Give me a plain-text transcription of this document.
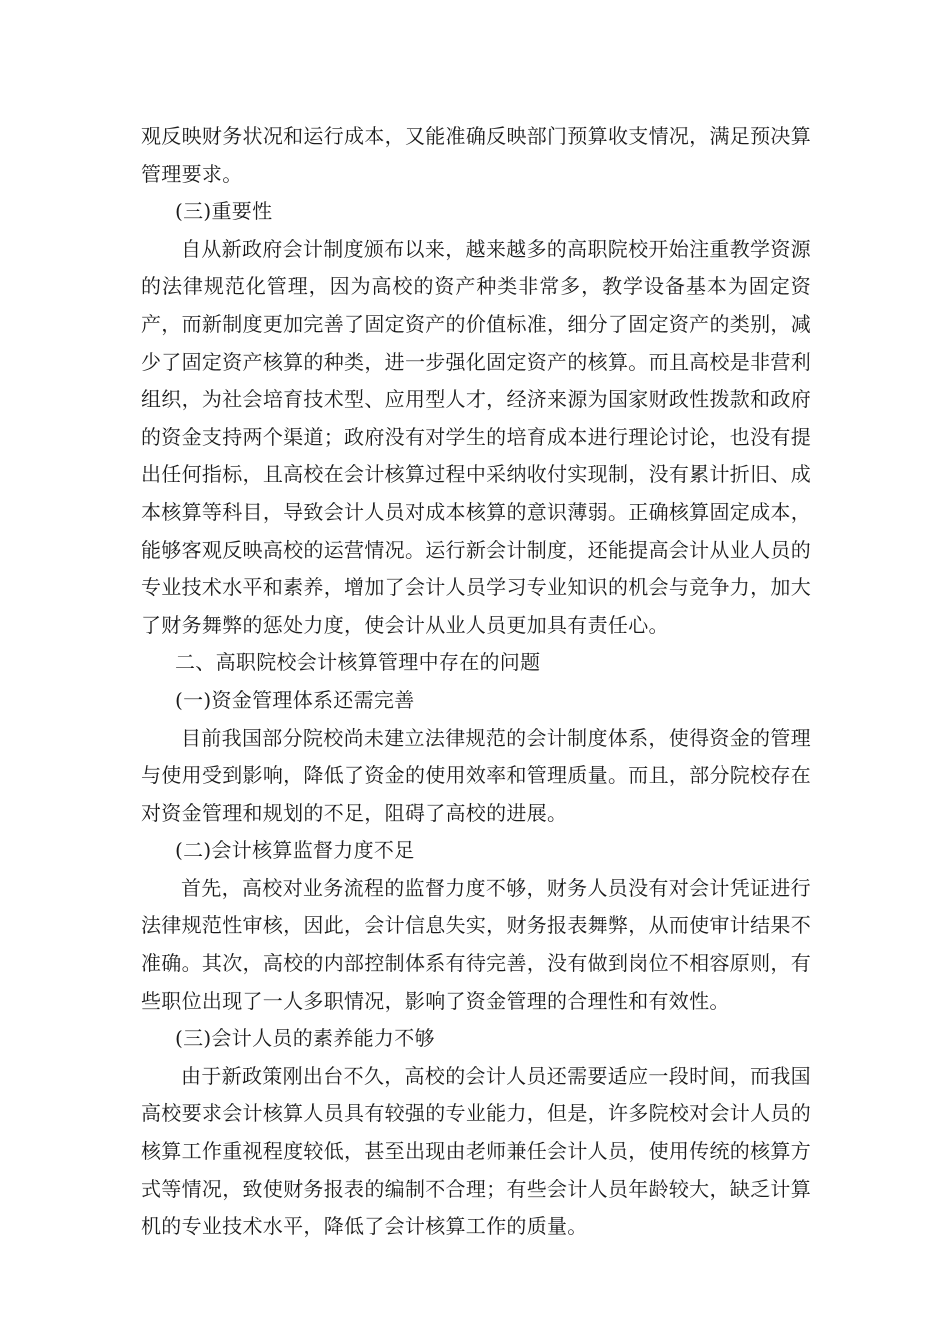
观反映财务状况和运行成本，又能准确反映部门预算收支情况，满足预决算管理要求。

(三)重要性

自从新政府会计制度颁布以来，越来越多的高职院校开始注重教学资源的法律规范化管理，因为高校的资产种类非常多，教学设备基本为固定资产，而新制度更加完善了固定资产的价值标准，细分了固定资产的类别，减少了固定资产核算的种类，进一步强化固定资产的核算。而且高校是非营利组织，为社会培育技术型、应用型人才，经济来源为国家财政性拨款和政府的资金支持两个渠道；政府没有对学生的培育成本进行理论讨论，也没有提出任何指标，且高校在会计核算过程中采纳收付实现制，没有累计折旧、成本核算等科目，导致会计人员对成本核算的意识薄弱。正确核算固定成本，能够客观反映高校的运营情况。运行新会计制度，还能提高会计从业人员的专业技术水平和素养，增加了会计人员学习专业知识的机会与竞争力，加大了财务舞弊的惩处力度，使会计从业人员更加具有责任心。

二、高职院校会计核算管理中存在的问题

(一)资金管理体系还需完善

目前我国部分院校尚未建立法律规范的会计制度体系，使得资金的管理与使用受到影响，降低了资金的使用效率和管理质量。而且，部分院校存在对资金管理和规划的不足，阻碍了高校的进展。

(二)会计核算监督力度不足

首先，高校对业务流程的监督力度不够，财务人员没有对会计凭证进行法律规范性审核，因此，会计信息失实，财务报表舞弊，从而使审计结果不准确。其次，高校的内部控制体系有待完善，没有做到岗位不相容原则，有些职位出现了一人多职情况，影响了资金管理的合理性和有效性。

(三)会计人员的素养能力不够

由于新政策刚出台不久，高校的会计人员还需要适应一段时间，而我国高校要求会计核算人员具有较强的专业能力，但是，许多院校对会计人员的核算工作重视程度较低，甚至出现由老师兼任会计人员，使用传统的核算方式等情况，致使财务报表的编制不合理；有些会计人员年龄较大，缺乏计算机的专业技术水平，降低了会计核算工作的质量。
